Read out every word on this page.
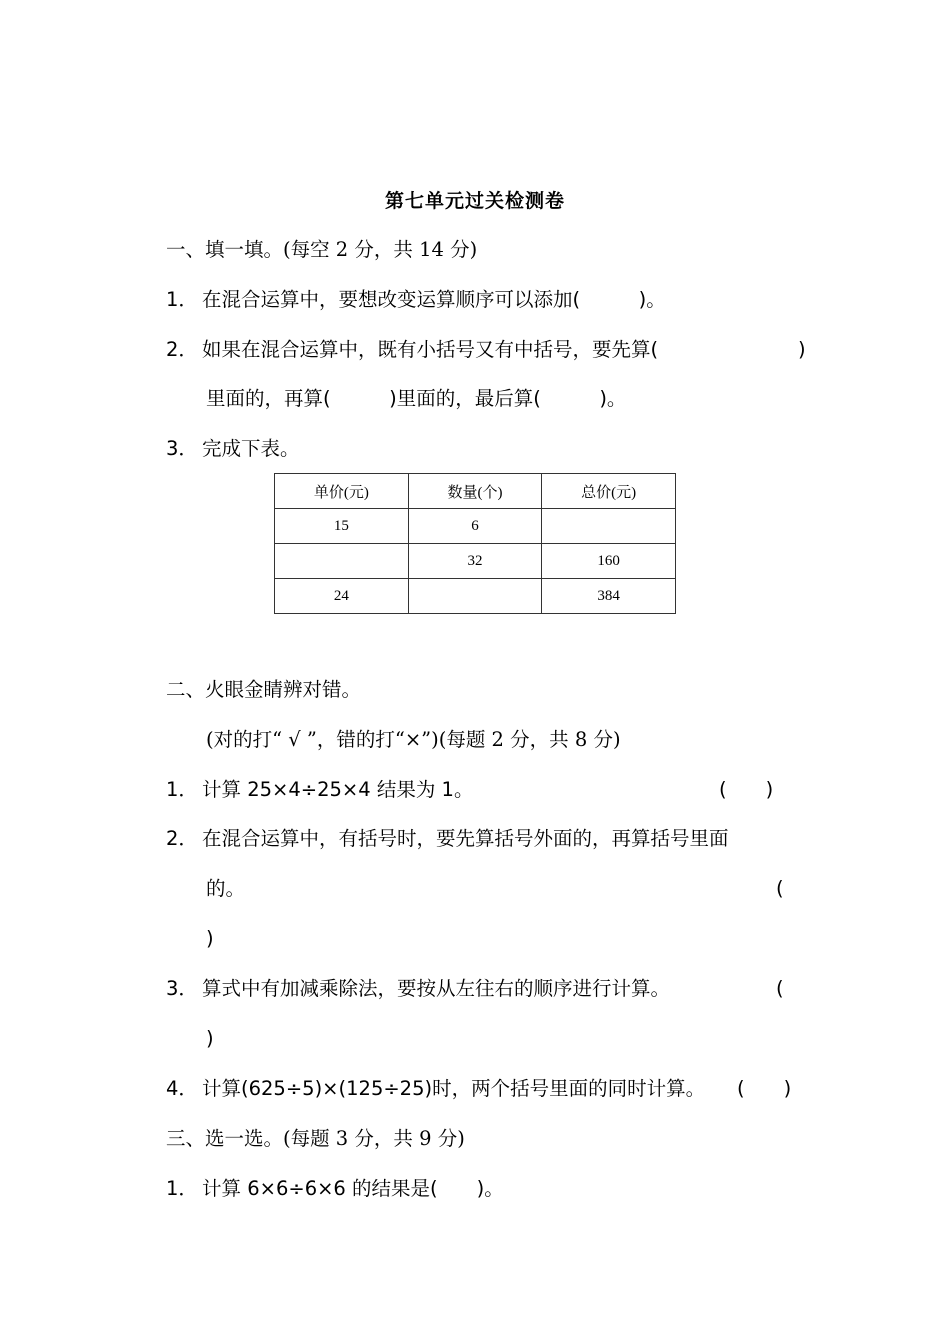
第七单元过关检测卷
一、填一填。(每空 2 分，共 14 分)
1． 在混合运算中，要想改变运算顺序可以添加(　　　)。
2． 如果在混合运算中，既有小括号又有中括号，要先算(	)
里面的，再算(　　　)里面的，最后算(　　　)。
3． 完成下表。
单价(元)	数量(个)	总价(元)
15	6	
	32	160
24		384
二、火眼金睛辨对错。
(对的打“ √ ”，错的打“×”)(每题 2 分，共 8 分)
1． 计算 25×4÷25×4 结果为 1。	(　　)
2． 在混合运算中，有括号时，要先算括号外面的，再算括号里面
的。	(
)
3． 算式中有加减乘除法，要按从左往右的顺序进行计算。	(
)
4． 计算(625÷5)×(125÷25)时，两个括号里面的同时计算。 (　　)
三、选一选。(每题 3 分，共 9 分)
1． 计算 6×6÷6×6 的结果是(　　)。
